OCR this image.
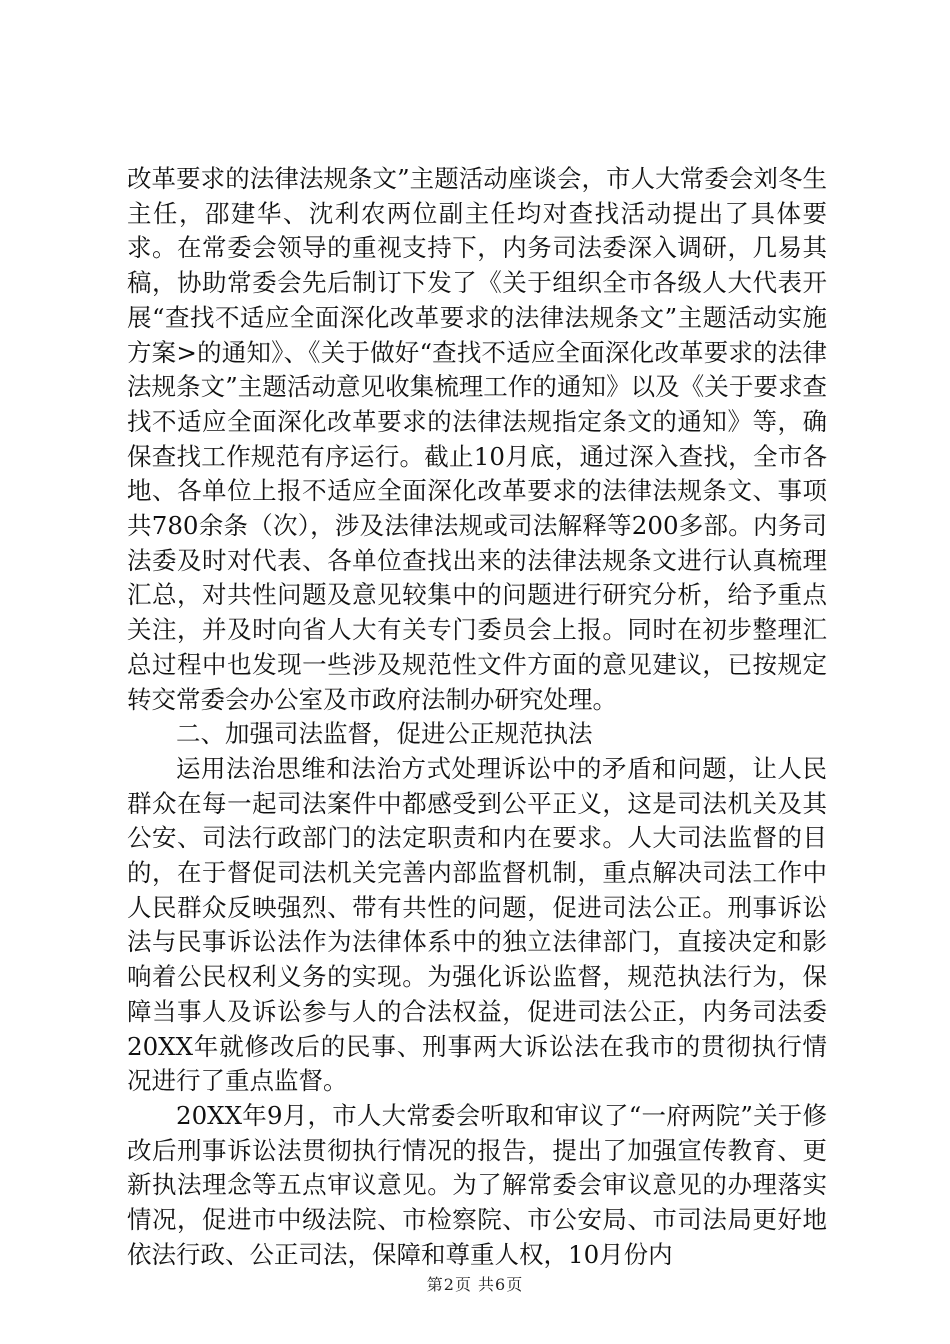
改革要求的法律法规条文”主题活动座谈会，市人大常委会刘冬生主任，邵建华、沈利农两位副主任均对查找活动提出了具体要求。在常委会领导的重视支持下，内务司法委深入调研，几易其稿，协助常委会先后制订下发了《关于组织全市各级人大代表开展“查找不适应全面深化改革要求的法律法规条文”主题活动实施方案>的通知》、《关于做好“查找不适应全面深化改革要求的法律法规条文”主题活动意见收集梳理工作的通知》以及《关于要求查找不适应全面深化改革要求的法律法规指定条文的通知》等，确保查找工作规范有序运行。截止10月底，通过深入查找，全市各地、各单位上报不适应全面深化改革要求的法律法规条文、事项共780余条（次），涉及法律法规或司法解释等200多部。内务司法委及时对代表、各单位查找出来的法律法规条文进行认真梳理汇总，对共性问题及意见较集中的问题进行研究分析，给予重点关注，并及时向省人大有关专门委员会上报。同时在初步整理汇总过程中也发现一些涉及规范性文件方面的意见建议，已按规定转交常委会办公室及市政府法制办研究处理。

二、加强司法监督，促进公正规范执法

运用法治思维和法治方式处理诉讼中的矛盾和问题，让人民群众在每一起司法案件中都感受到公平正义，这是司法机关及其公安、司法行政部门的法定职责和内在要求。人大司法监督的目的，在于督促司法机关完善内部监督机制，重点解决司法工作中人民群众反映强烈、带有共性的问题，促进司法公正。刑事诉讼法与民事诉讼法作为法律体系中的独立法律部门，直接决定和影响着公民权利义务的实现。为强化诉讼监督，规范执法行为，保障当事人及诉讼参与人的合法权益，促进司法公正，内务司法委20XX年就修改后的民事、刑事两大诉讼法在我市的贯彻执行情况进行了重点监督。

20XX年9月，市人大常委会听取和审议了“一府两院”关于修改后刑事诉讼法贯彻执行情况的报告，提出了加强宣传教育、更新执法理念等五点审议意见。为了解常委会审议意见的办理落实情况，促进市中级法院、市检察院、市公安局、市司法局更好地依法行政、公正司法，保障和尊重人权，10月份内

第2页 共6页
